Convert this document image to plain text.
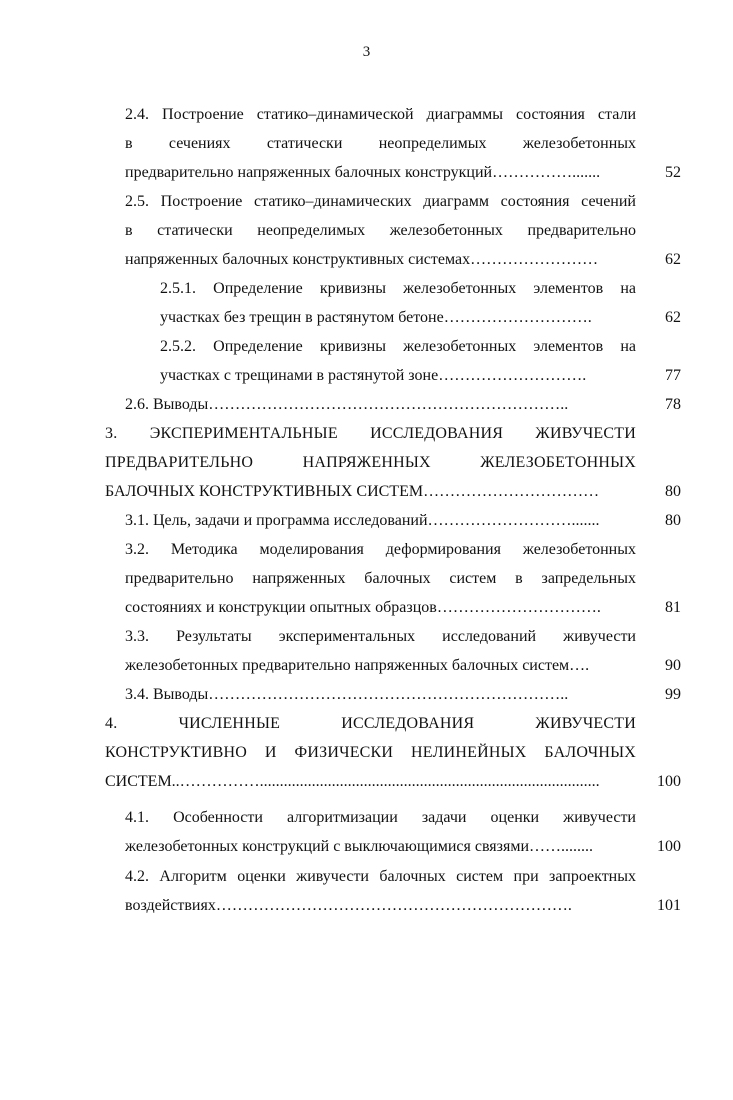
3
2.4. Построение статико–динамической диаграммы состояния стали
в сечениях статически неопределимых железобетонных
предварительно напряженных балочных конструкций…………….......	52
2.5. Построение статико–динамических диаграмм состояния сечений
в статически неопределимых железобетонных предварительно
напряженных балочных конструктивных системах……………………	62
2.5.1. Определение кривизны железобетонных элементов на
участках без трещин в растянутом бетоне……………………….	62
2.5.2. Определение кривизны железобетонных элементов на
участках с трещинами в растянутой зоне……………………….	77
2.6. Выводы…………………………………………………………..	78
3. ЭКСПЕРИМЕНТАЛЬНЫЕ ИССЛЕДОВАНИЯ ЖИВУЧЕСТИ
ПРЕДВАРИТЕЛЬНО НАПРЯЖЕННЫХ ЖЕЛЕЗОБЕТОННЫХ
БАЛОЧНЫХ КОНСТРУКТИВНЫХ СИСТЕМ……………………………	80
3.1. Цель, задачи и программа исследований……………………….......	80
3.2. Методика моделирования деформирования железобетонных
предварительно напряженных балочных систем в запредельных
состояниях и конструкции опытных образцов………………………….	81
3.3. Результаты экспериментальных исследований живучести
железобетонных предварительно напряженных балочных систем….	90
3.4. Выводы…………………………………………………………..	99
4. ЧИСЛЕННЫЕ ИССЛЕДОВАНИЯ ЖИВУЧЕСТИ
КОНСТРУКТИВНО И ФИЗИЧЕСКИ НЕЛИНЕЙНЫХ БАЛОЧНЫХ
СИСТЕМ..…………….....................................................................................	100
4.1. Особенности алгоритмизации задачи оценки живучести
железобетонных конструкций с выключающимися связями……........	100
4.2. Алгоритм оценки живучести балочных систем при запроектных
воздействиях………………………………………………………….	101
